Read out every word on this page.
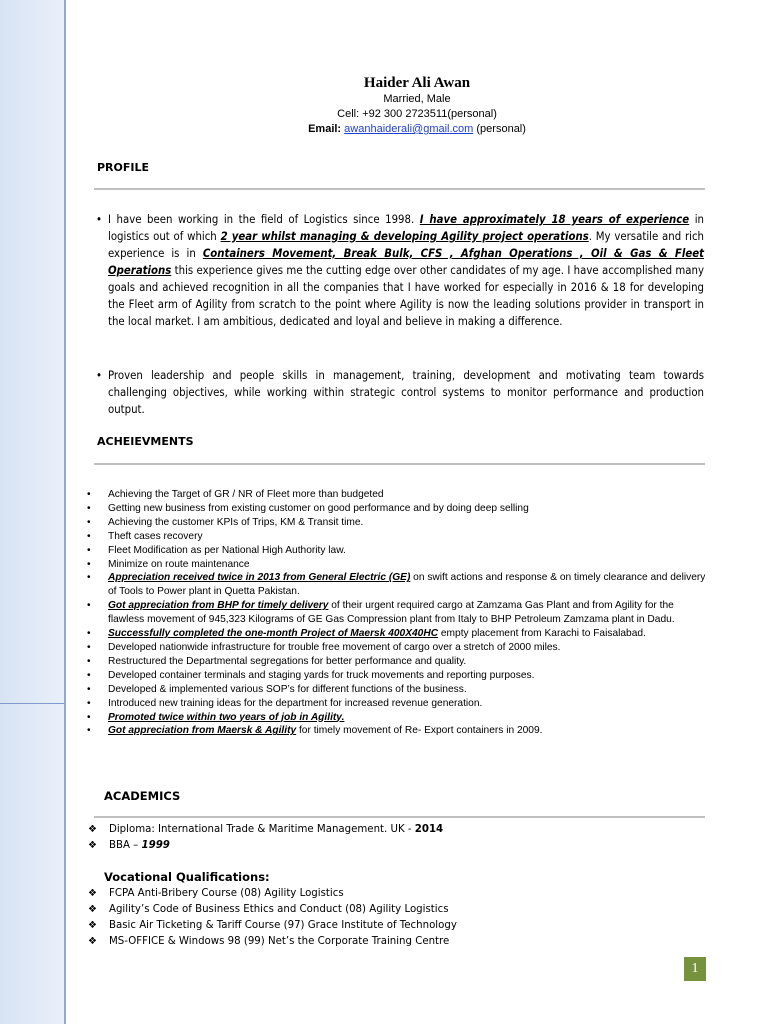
Haider Ali Awan
Married, Male
Cell: +92 300 2723511(personal)
Email: awanhaiderali@gmail.com (personal)
PROFILE
• I have been working in the field of Logistics since 1998. I have approximately 18 years of experience in logistics out of which 2 year whilst managing & developing Agility project operations. My versatile and rich experience is in Containers Movement, Break Bulk, CFS , Afghan Operations , Oil & Gas & Fleet Operations this experience gives me the cutting edge over other candidates of my age. I have accomplished many goals and achieved recognition in all the companies that I have worked for especially in 2016 & 18 for developing the Fleet arm of Agility from scratch to the point where Agility is now the leading solutions provider in transport in the local market. I am ambitious, dedicated and loyal and believe in making a difference.
• Proven leadership and people skills in management, training, development and motivating team towards challenging objectives, while working within strategic control systems to monitor performance and production output.
ACHEIEVMENTS
• Achieving the Target of GR / NR of Fleet more than budgeted
• Getting new business from existing customer on good performance and by doing deep selling
• Achieving the customer KPIs of Trips, KM & Transit time.
• Theft cases recovery
• Fleet Modification as per National High Authority law.
• Minimize on route maintenance
• Appreciation received twice in 2013 from General Electric (GE) on swift actions and response & on timely clearance and delivery of Tools to Power plant in Quetta Pakistan.
• Got appreciation from BHP for timely delivery of their urgent required cargo at Zamzama Gas Plant and from Agility for the flawless movement of 945,323 Kilograms of GE Gas Compression plant from Italy to BHP Petroleum Zamzama plant in Dadu.
• Successfully completed the one-month Project of Maersk 400X40HC empty placement from Karachi to Faisalabad.
• Developed nationwide infrastructure for trouble free movement of cargo over a stretch of 2000 miles.
• Restructured the Departmental segregations for better performance and quality.
• Developed container terminals and staging yards for truck movements and reporting purposes.
• Developed & implemented various SOP’s for different functions of the business.
• Introduced new training ideas for the department for increased revenue generation.
• Promoted twice within two years of job in Agility.
• Got appreciation from Maersk & Agility for timely movement of Re- Export containers in 2009.
ACADEMICS
❖ Diploma: International Trade & Maritime Management. UK - 2014
❖ BBA – 1999
Vocational Qualifications:
❖ FCPA Anti-Bribery Course (08) Agility Logistics
❖ Agility’s Code of Business Ethics and Conduct (08) Agility Logistics
❖ Basic Air Ticketing & Tariff Course (97) Grace Institute of Technology
❖ MS-OFFICE & Windows 98 (99) Net’s the Corporate Training Centre
1
